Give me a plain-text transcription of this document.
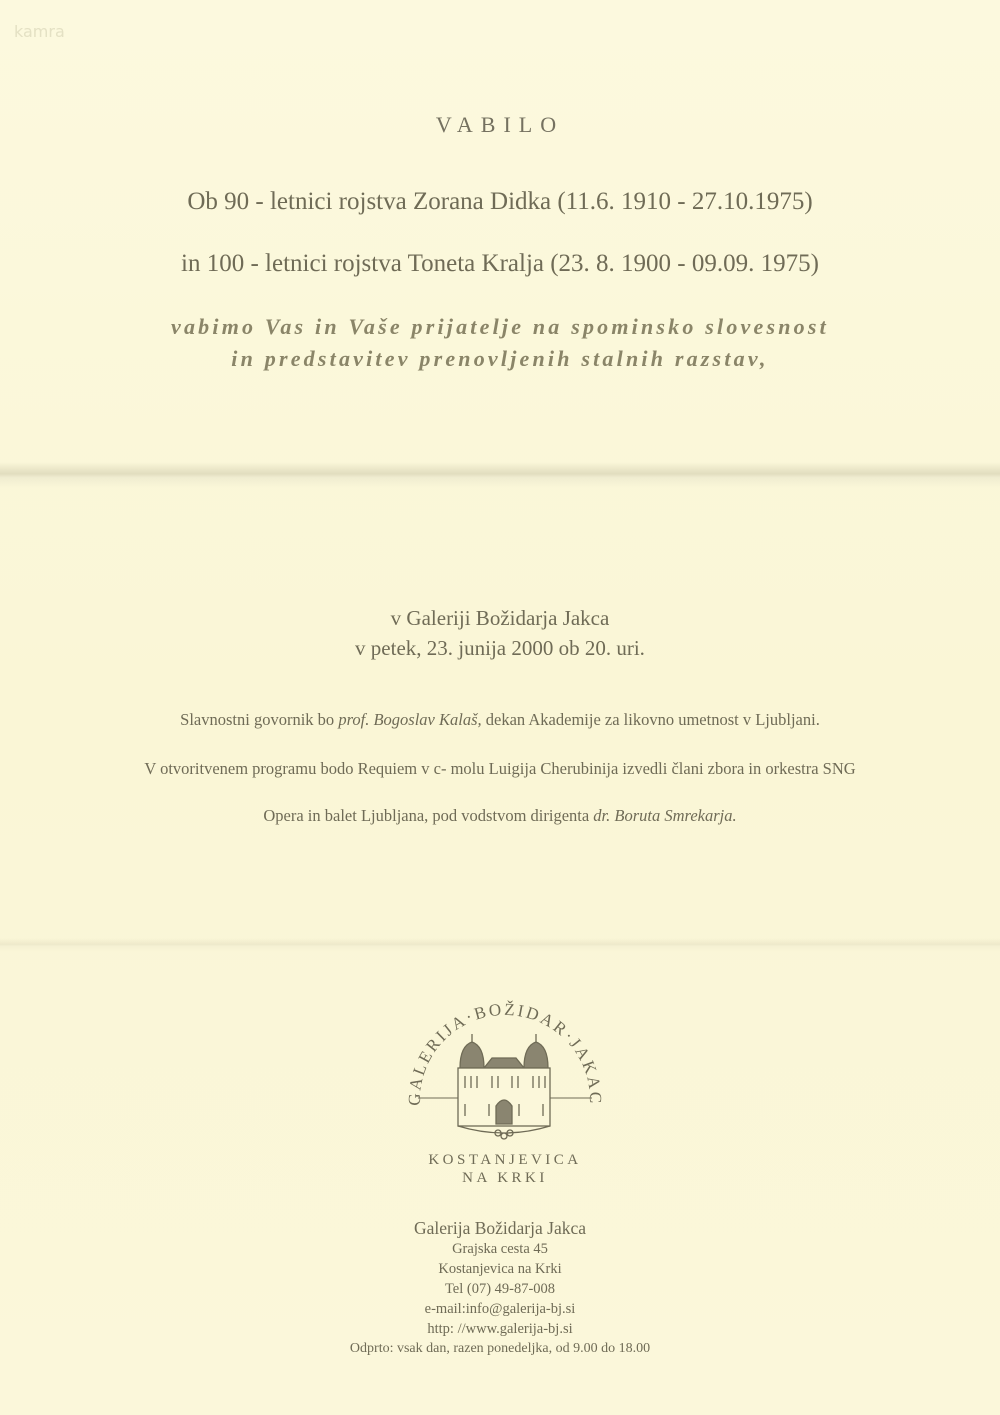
kamra
VABILO
Ob 90 - letnici rojstva Zorana Didka (11.6. 1910 - 27.10.1975)
in 100 - letnici rojstva Toneta Kralja (23. 8. 1900 - 09.09. 1975)
vabimo Vas in Vaše prijatelje na spominsko slovesnost
in predstavitev prenovljenih stalnih razstav,
v Galeriji Božidarja Jakca
v petek, 23. junija 2000 ob 20. uri.
Slavnostni govornik bo prof. Bogoslav Kalaš, dekan Akademije za likovno umetnost v Ljubljani.
V otvoritvenem programu bodo Requiem v c- molu Luigija Cherubinija izvedli člani zbora in orkestra SNG
Opera in balet Ljubljana, pod vodstvom dirigenta dr. Boruta Smrekarja.
GALERIJA·BOŽIDAR·JAKAC
KOSTANJEVICA
NA KRKI
Galerija Božidarja Jakca
Grajska cesta 45
Kostanjevica na Krki
Tel (07) 49-87-008
e-mail:info@galerija-bj.si
http: //www.galerija-bj.si
Odprto: vsak dan, razen ponedeljka, od 9.00 do 18.00
